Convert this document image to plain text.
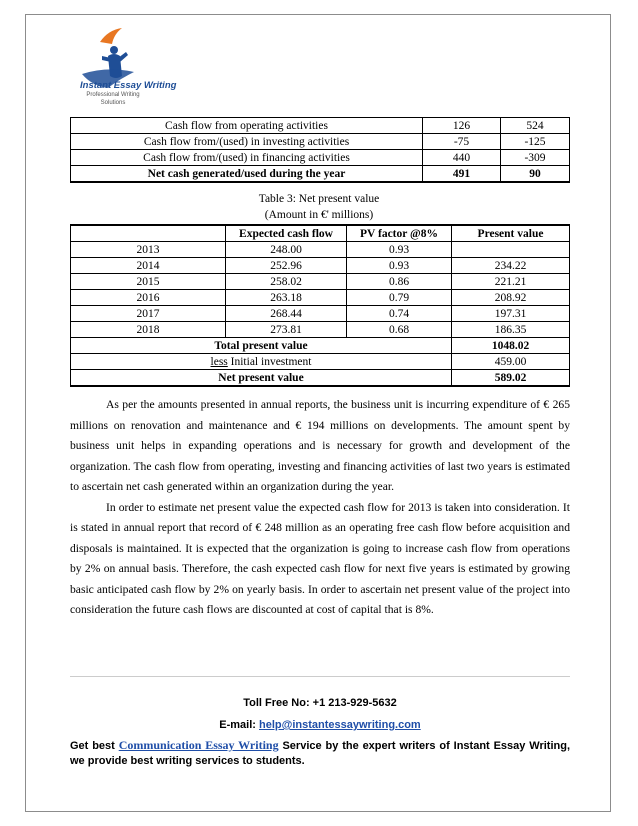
Instant Essay Writing
Professional Writing
Solutions
Cash flow from operating activities	126	524
Cash flow from/(used) in investing activities	-75	-125
Cash flow from/(used) in financing activities	440	-309
Net cash generated/used during the year	491	90
Table 3: Net present value
(Amount in €' millions)
	Expected cash flow	PV factor @8%	Present value
2013	248.00	0.93	
2014	252.96	0.93	234.22
2015	258.02	0.86	221.21
2016	263.18	0.79	208.92
2017	268.44	0.74	197.31
2018	273.81	0.68	186.35
Total present value			1048.02
less Initial investment			459.00
Net present value			589.02

As per the amounts presented in annual reports, the business unit is incurring expenditure of € 265 millions on renovation and maintenance and € 194 millions on developments. The amount spent by business unit helps in expanding operations and is necessary for growth and development of the organization. The cash flow from operating, investing and financing activities of last two years is estimated to ascertain net cash generated within an organization during the year.

In order to estimate net present value the expected cash flow for 2013 is taken into consideration. It is stated in annual report that record of € 248 million as an operating free cash flow before acquisition and disposals is maintained. It is expected that the organization is going to increase cash flow from operations by 2% on annual basis. Therefore, the cash expected cash flow for next five years is estimated by growing basic anticipated cash flow by 2% on yearly basis. In order to ascertain net present value of the project into consideration the future cash flows are discounted at cost of capital that is 8%.

Toll Free No: +1 213-929-5632
E-mail: help@instantessaywriting.com
Get best Communication Essay Writing Service by the expert writers of Instant Essay Writing, we provide best writing services to students.
